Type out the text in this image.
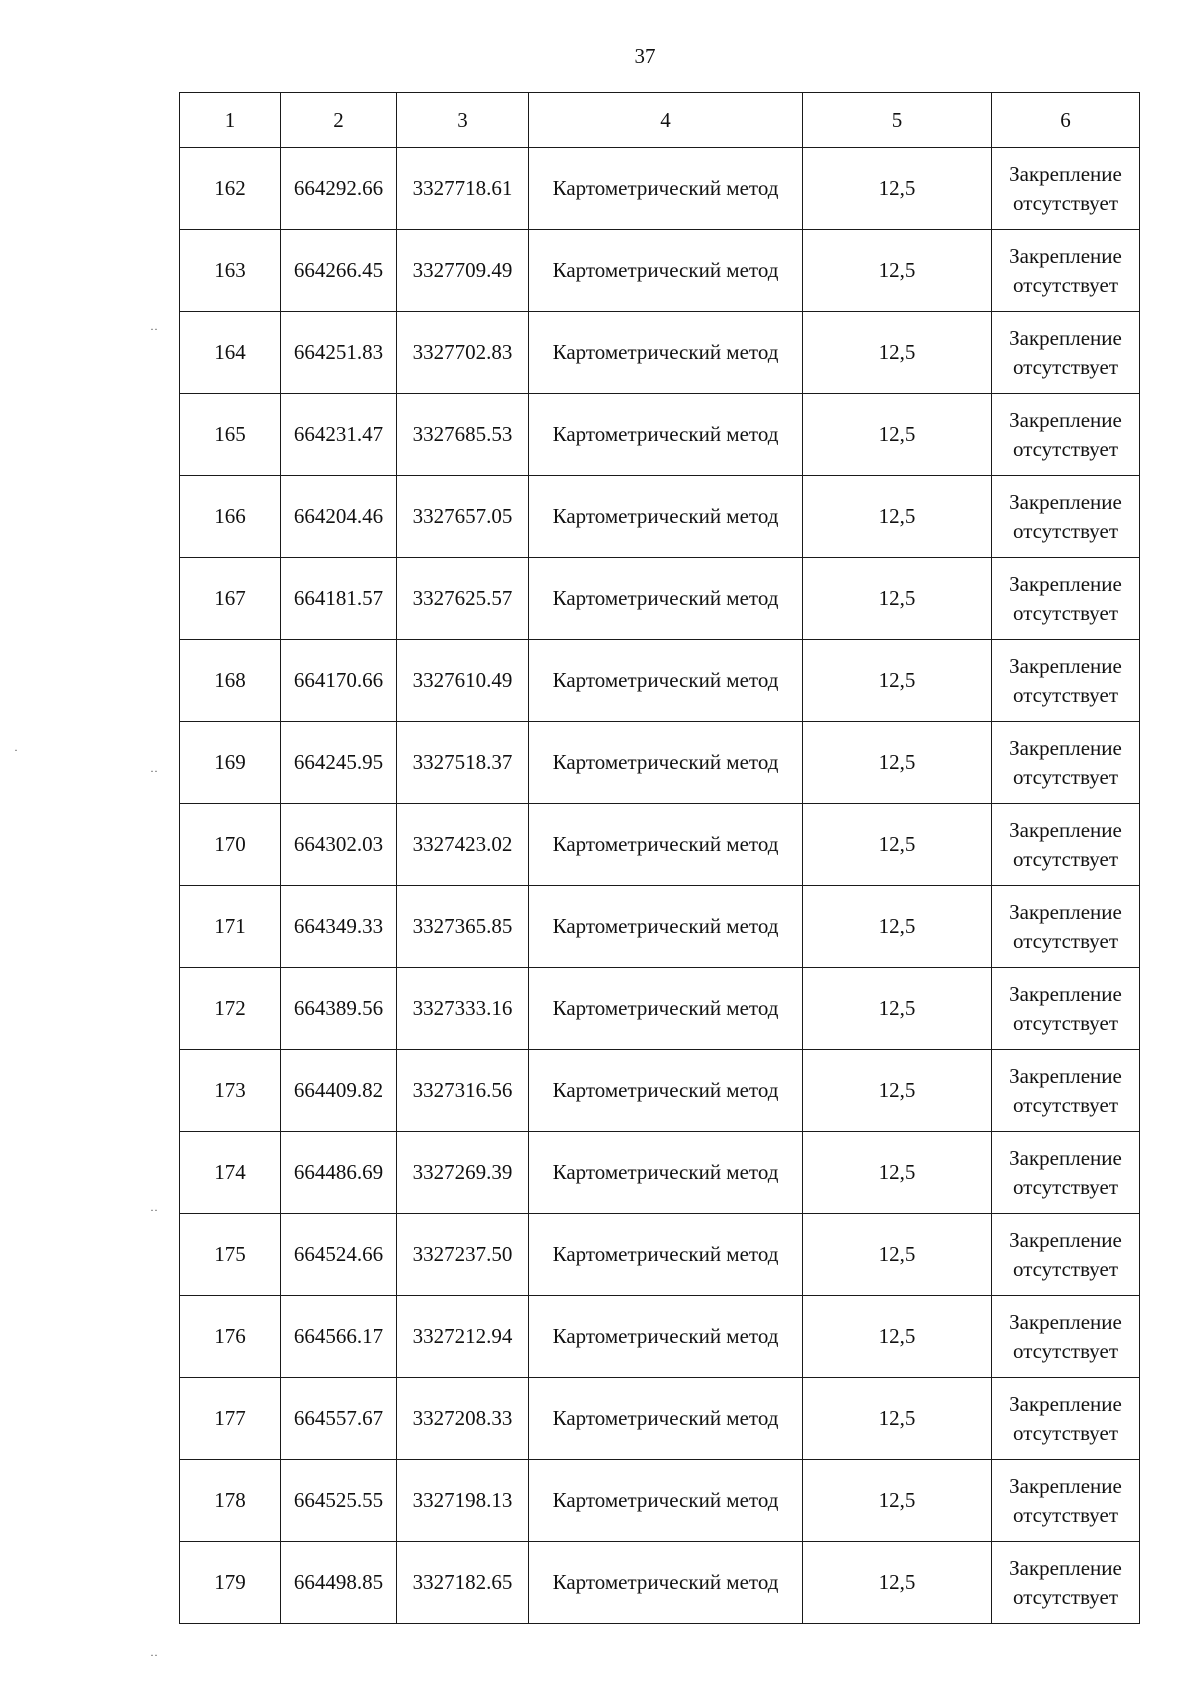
37
1	2	3	4	5	6
162	664292.66	3327718.61	Картометрический метод	12,5	Закрепление отсутствует
163	664266.45	3327709.49	Картометрический метод	12,5	Закрепление отсутствует
164	664251.83	3327702.83	Картометрический метод	12,5	Закрепление отсутствует
165	664231.47	3327685.53	Картометрический метод	12,5	Закрепление отсутствует
166	664204.46	3327657.05	Картометрический метод	12,5	Закрепление отсутствует
167	664181.57	3327625.57	Картометрический метод	12,5	Закрепление отсутствует
168	664170.66	3327610.49	Картометрический метод	12,5	Закрепление отсутствует
169	664245.95	3327518.37	Картометрический метод	12,5	Закрепление отсутствует
170	664302.03	3327423.02	Картометрический метод	12,5	Закрепление отсутствует
171	664349.33	3327365.85	Картометрический метод	12,5	Закрепление отсутствует
172	664389.56	3327333.16	Картометрический метод	12,5	Закрепление отсутствует
173	664409.82	3327316.56	Картометрический метод	12,5	Закрепление отсутствует
174	664486.69	3327269.39	Картометрический метод	12,5	Закрепление отсутствует
175	664524.66	3327237.50	Картометрический метод	12,5	Закрепление отсутствует
176	664566.17	3327212.94	Картометрический метод	12,5	Закрепление отсутствует
177	664557.67	3327208.33	Картометрический метод	12,5	Закрепление отсутствует
178	664525.55	3327198.13	Картометрический метод	12,5	Закрепление отсутствует
179	664498.85	3327182.65	Картометрический метод	12,5	Закрепление отсутствует
··
·
··
··
··
